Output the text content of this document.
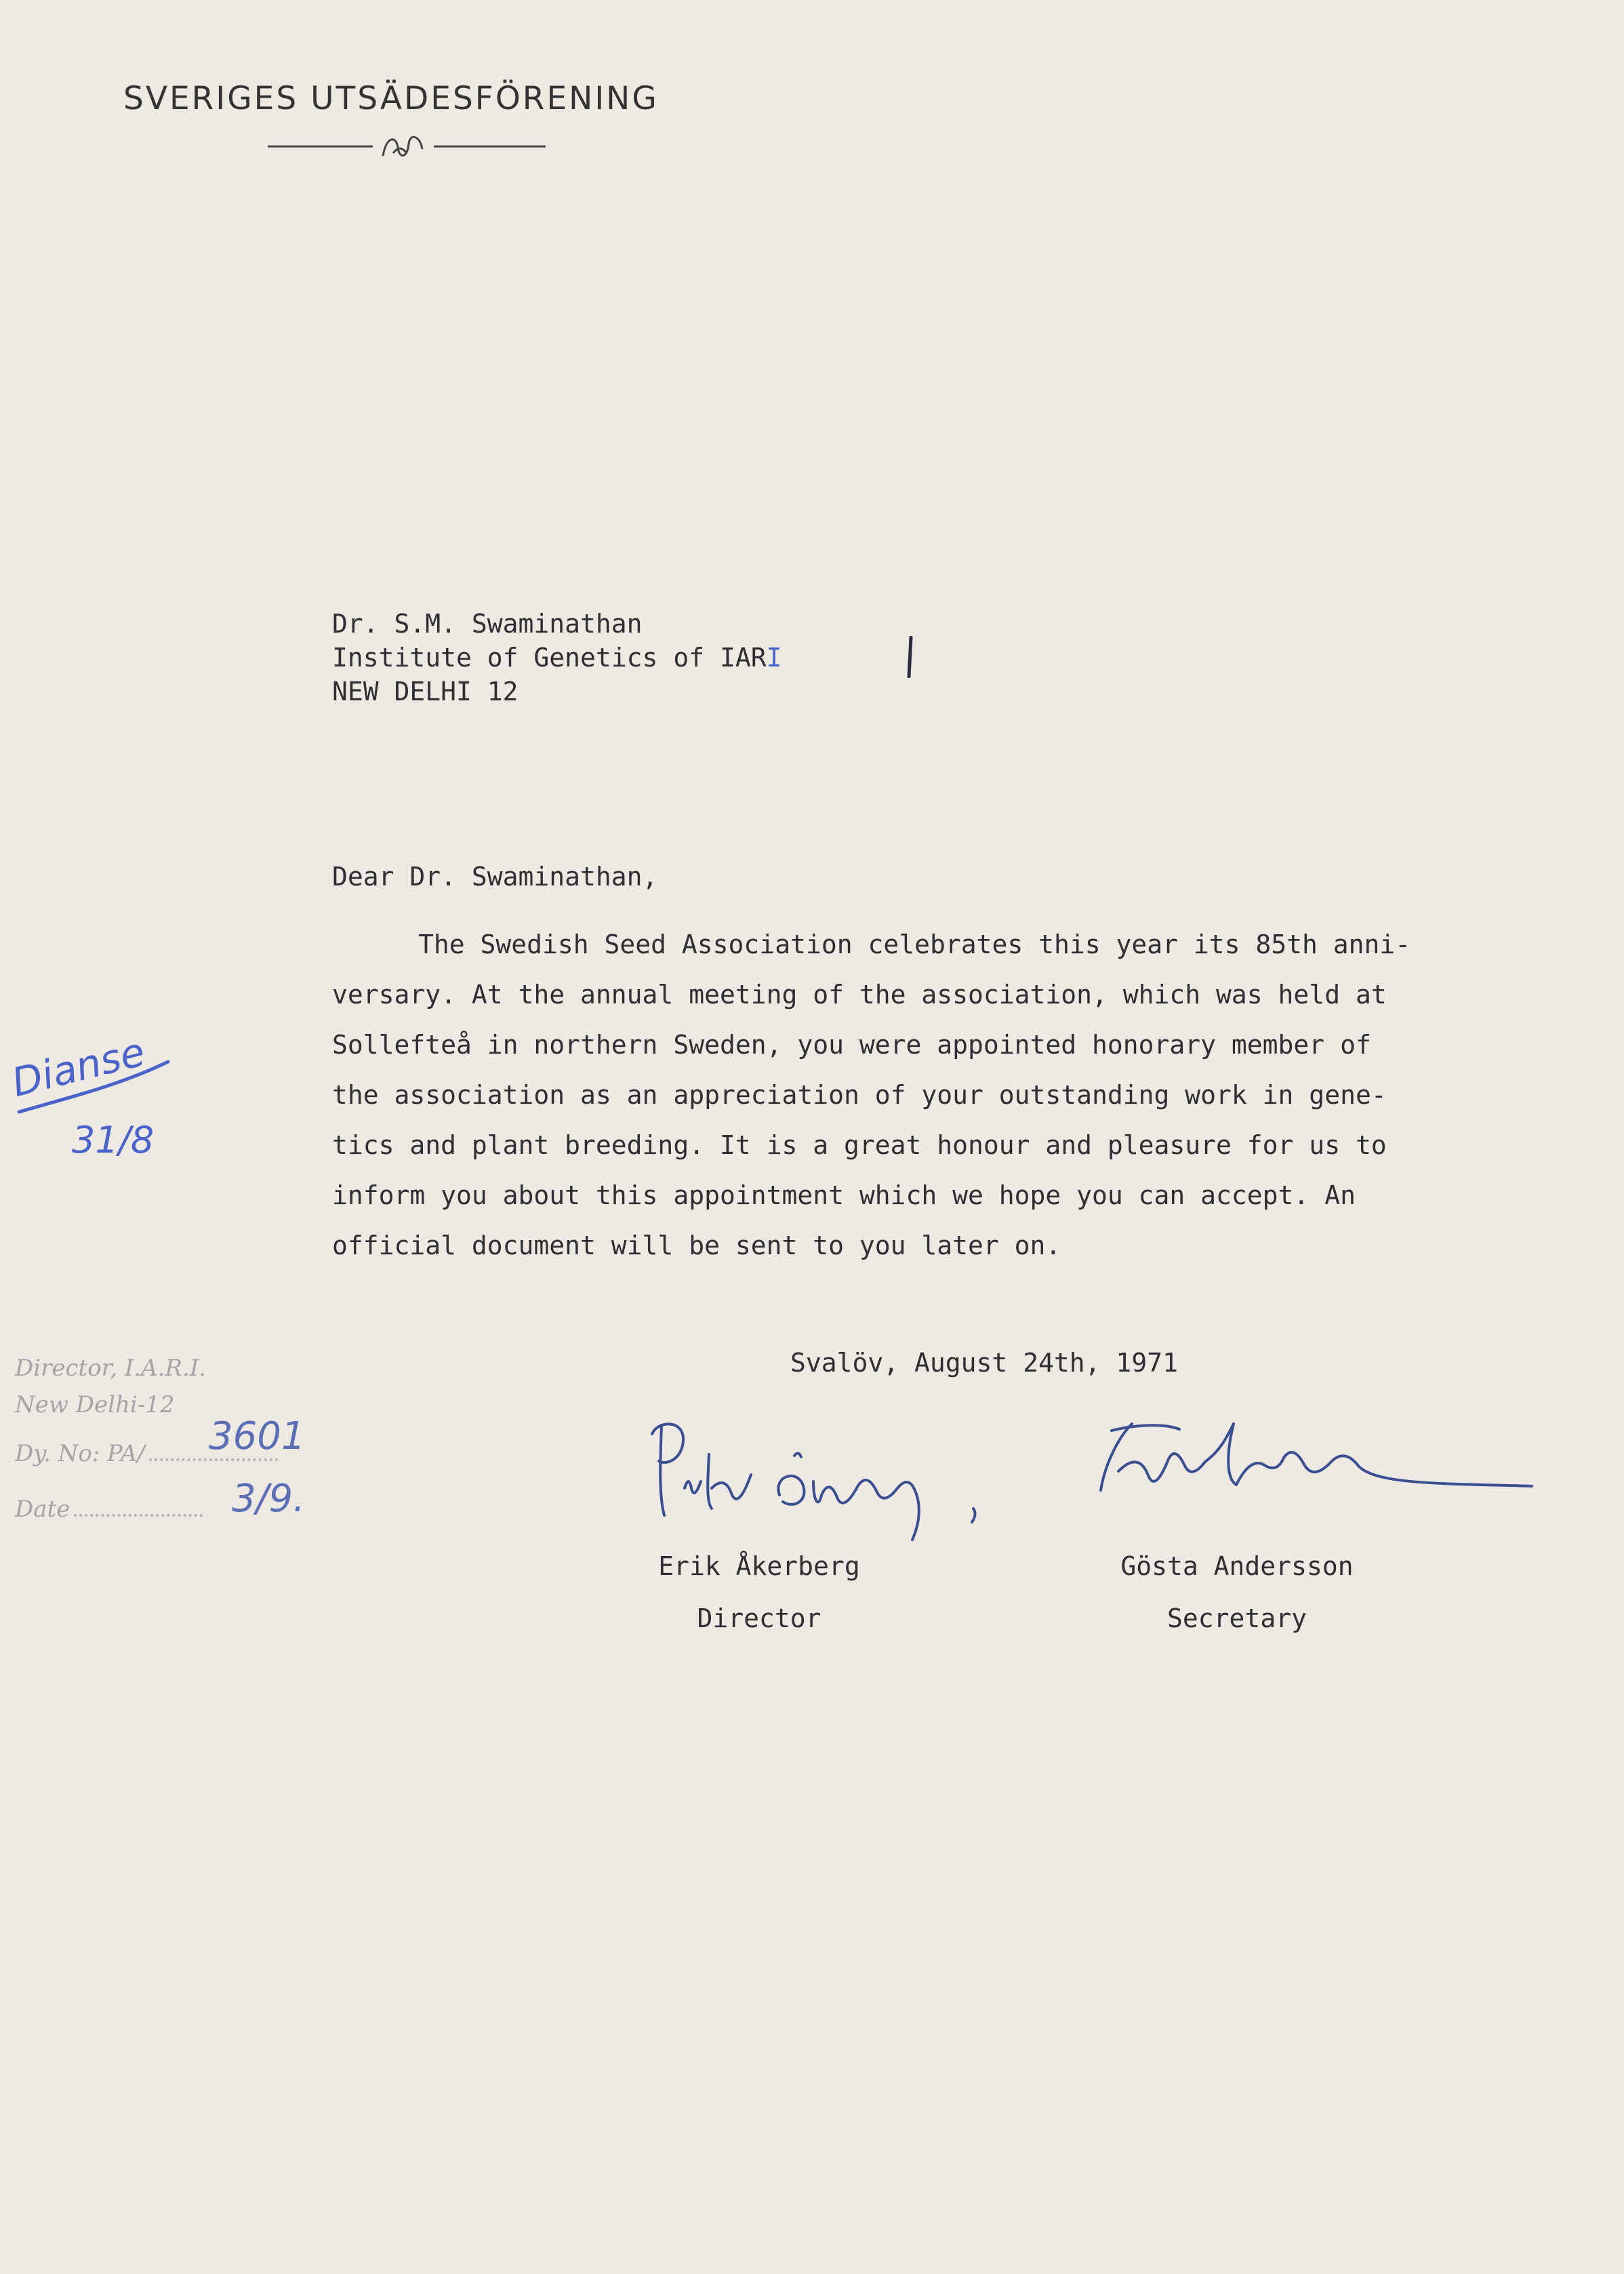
SVERIGES UTSÄDESFÖRENING
Dr. S.M. Swaminathan
Institute of Genetics of IARI
NEW DELHI 12
Dear Dr. Swaminathan,
The Swedish Seed Association celebrates this year its 85th anni-
versary. At the annual meeting of the association, which was held at
Sollefteå in northern Sweden, you were appointed honorary member of
the association as an appreciation of your outstanding work in gene-
tics and plant breeding. It is a great honour and pleasure for us to
inform you about this appointment which we hope you can accept. An
official document will be sent to you later on.
Svalöv, August 24th, 1971
Erik Åkerberg
Director
Gösta Andersson
Secretary
Director, I.A.R.I.
New Delhi-12
Dy. No: PA/
Date
3601
3/9.
Dianse
31/8
